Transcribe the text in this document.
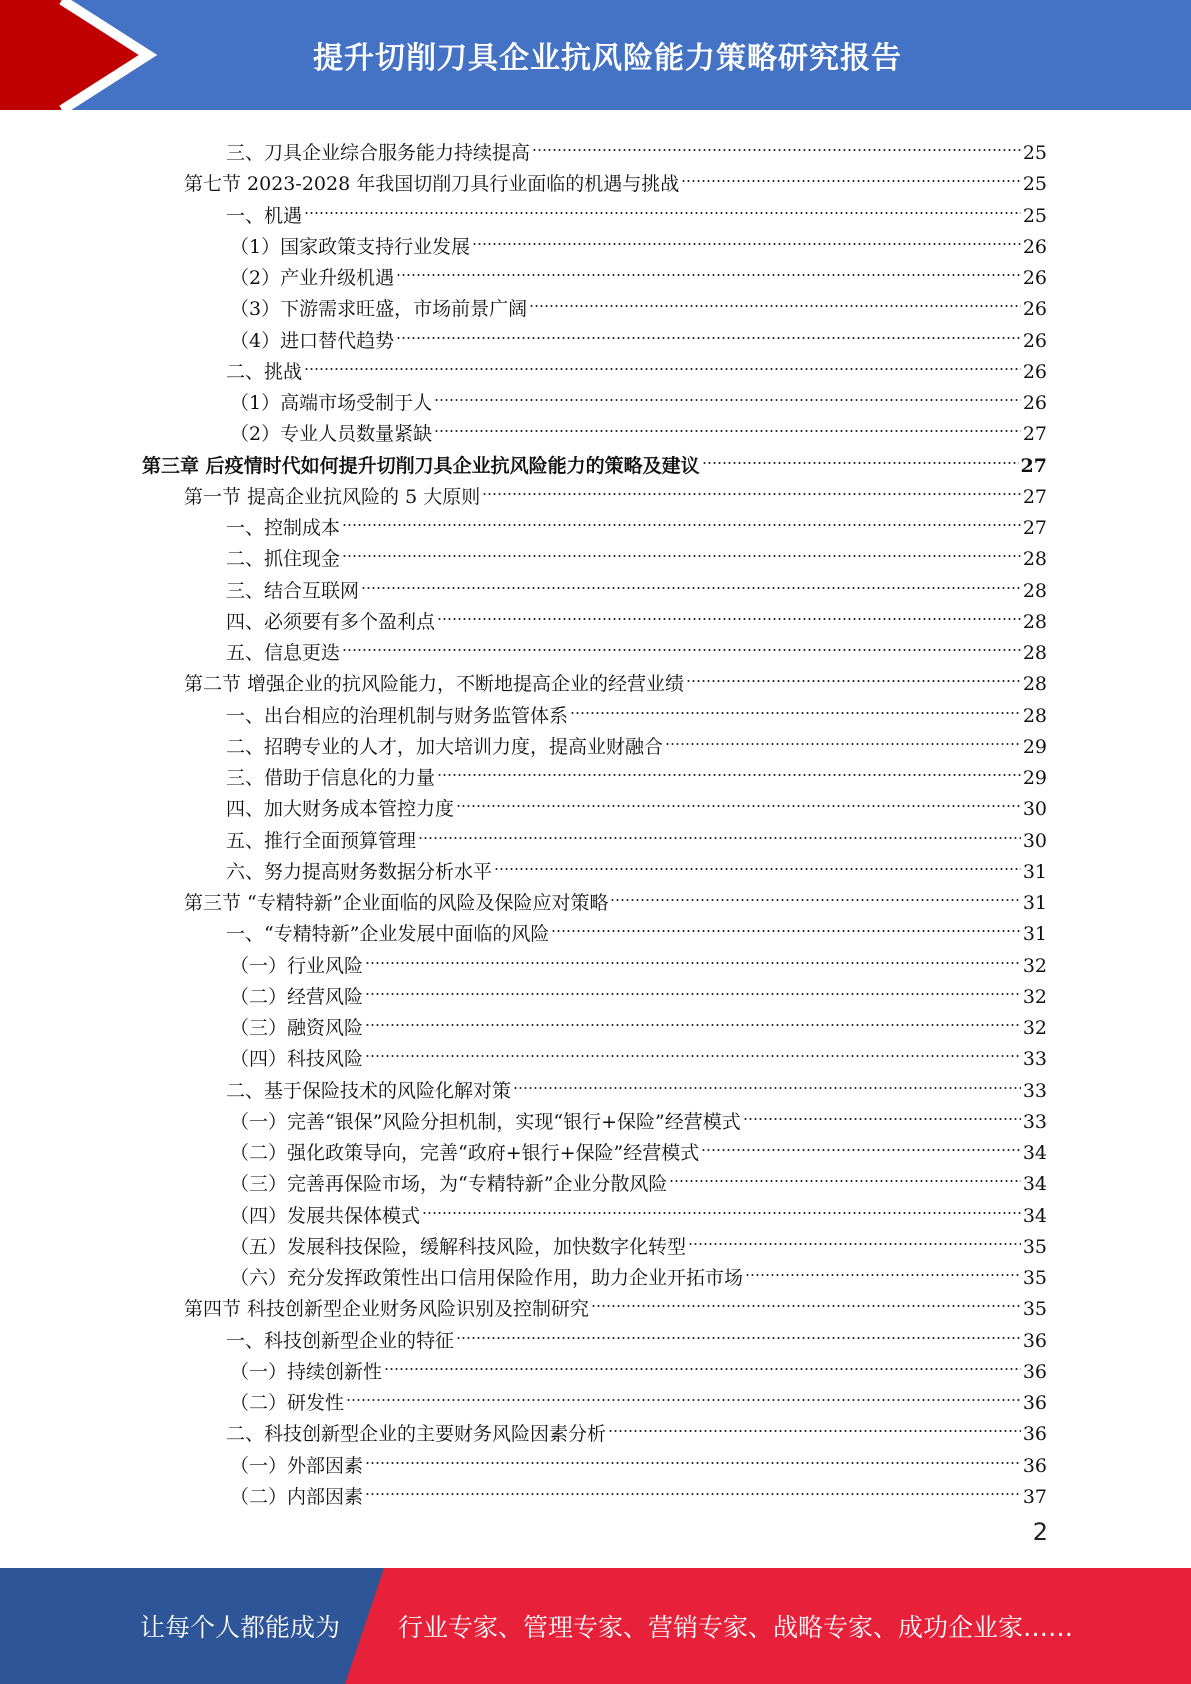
提升切削刀具企业抗风险能力策略研究报告
三、刀具企业综合服务能力持续提高	25
第七节 2023-2028 年我国切削刀具行业面临的机遇与挑战	25
一、机遇	25
（1）国家政策支持行业发展	26
（2）产业升级机遇	26
（3）下游需求旺盛，市场前景广阔	26
（4）进口替代趋势	26
二、挑战	26
（1）高端市场受制于人	26
（2）专业人员数量紧缺	27
第三章 后疫情时代如何提升切削刀具企业抗风险能力的策略及建议	27
第一节 提高企业抗风险的 5 大原则	27
一、控制成本	27
二、抓住现金	28
三、结合互联网	28
四、必须要有多个盈利点	28
五、信息更迭	28
第二节 增强企业的抗风险能力，不断地提高企业的经营业绩	28
一、出台相应的治理机制与财务监管体系	28
二、招聘专业的人才，加大培训力度，提高业财融合	29
三、借助于信息化的力量	29
四、加大财务成本管控力度	30
五、推行全面预算管理	30
六、努力提高财务数据分析水平	31
第三节 “专精特新”企业面临的风险及保险应对策略	31
一、“专精特新”企业发展中面临的风险	31
（一）行业风险	32
（二）经营风险	32
（三）融资风险	32
（四）科技风险	33
二、基于保险技术的风险化解对策	33
（一）完善“银保”风险分担机制，实现“银行+保险”经营模式	33
（二）强化政策导向，完善“政府+银行+保险”经营模式	34
（三）完善再保险市场，为“专精特新”企业分散风险	34
（四）发展共保体模式	34
（五）发展科技保险，缓解科技风险，加快数字化转型	35
（六）充分发挥政策性出口信用保险作用，助力企业开拓市场	35
第四节 科技创新型企业财务风险识别及控制研究	35
一、科技创新型企业的特征	36
（一）持续创新性	36
（二）研发性	36
二、科技创新型企业的主要财务风险因素分析	36
（一）外部因素	36
（二）内部因素	37
2
让每个人都能成为 行业专家、管理专家、营销专家、战略专家、成功企业家……
